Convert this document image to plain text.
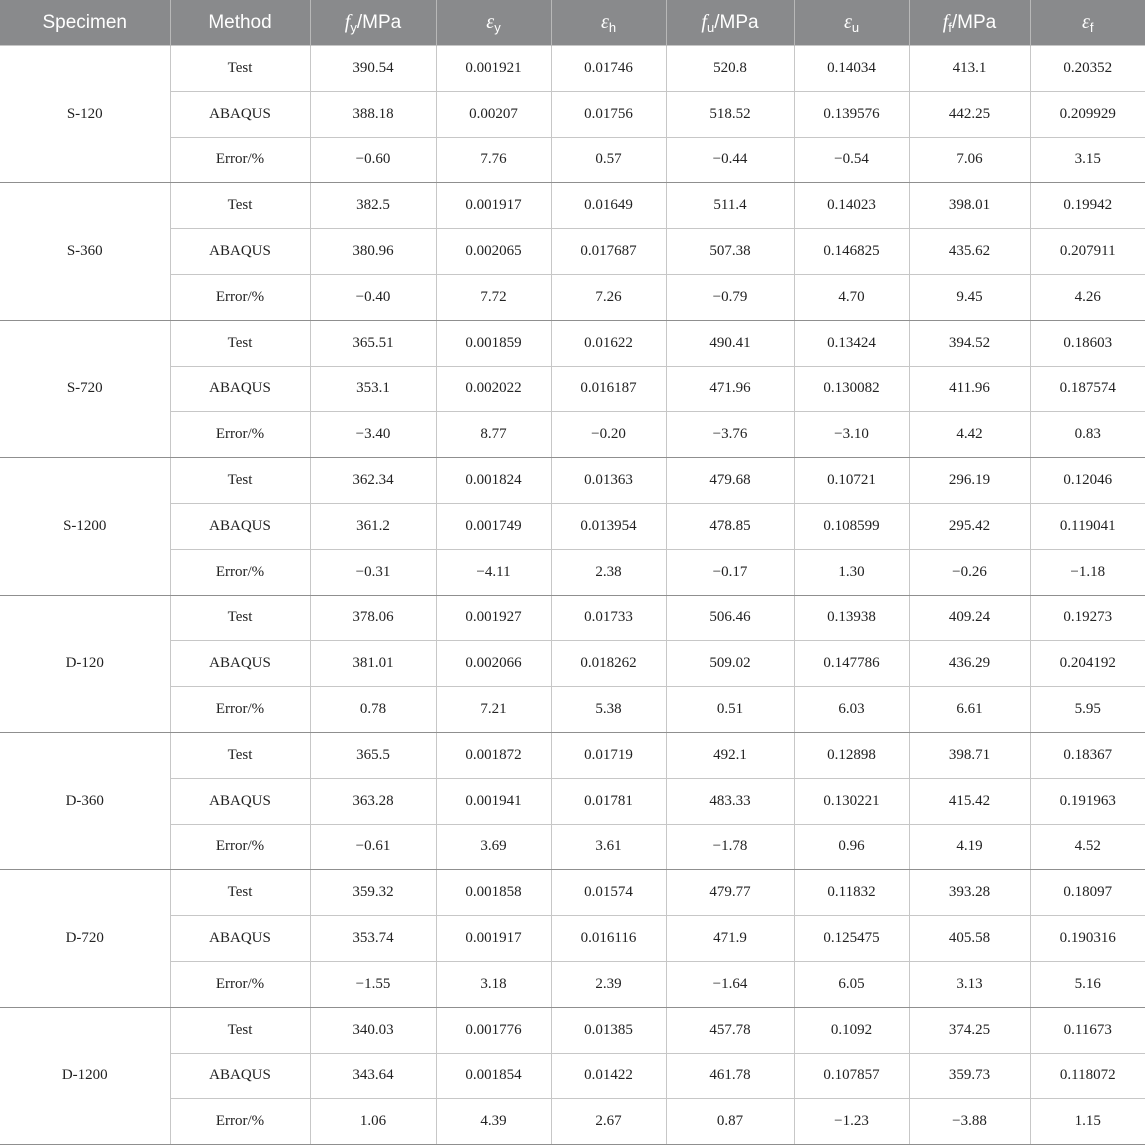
Specimen	Method	$f_y$/MPa	$\varepsilon_y$	$\varepsilon_h$	$f_u$/MPa	$\varepsilon_u$	$f_f$/MPa	$\varepsilon_f$
S-120	Test	390.54	0.001921	0.01746	520.8	0.14034	413.1	0.20352
	ABAQUS	388.18	0.00207	0.01756	518.52	0.139576	442.25	0.209929
	Error/%	−0.60	7.76	0.57	−0.44	−0.54	7.06	3.15
S-360	Test	382.5	0.001917	0.01649	511.4	0.14023	398.01	0.19942
	ABAQUS	380.96	0.002065	0.017687	507.38	0.146825	435.62	0.207911
	Error/%	−0.40	7.72	7.26	−0.79	4.70	9.45	4.26
S-720	Test	365.51	0.001859	0.01622	490.41	0.13424	394.52	0.18603
	ABAQUS	353.1	0.002022	0.016187	471.96	0.130082	411.96	0.187574
	Error/%	−3.40	8.77	−0.20	−3.76	−3.10	4.42	0.83
S-1200	Test	362.34	0.001824	0.01363	479.68	0.10721	296.19	0.12046
	ABAQUS	361.2	0.001749	0.013954	478.85	0.108599	295.42	0.119041
	Error/%	−0.31	−4.11	2.38	−0.17	1.30	−0.26	−1.18
D-120	Test	378.06	0.001927	0.01733	506.46	0.13938	409.24	0.19273
	ABAQUS	381.01	0.002066	0.018262	509.02	0.147786	436.29	0.204192
	Error/%	0.78	7.21	5.38	0.51	6.03	6.61	5.95
D-360	Test	365.5	0.001872	0.01719	492.1	0.12898	398.71	0.18367
	ABAQUS	363.28	0.001941	0.01781	483.33	0.130221	415.42	0.191963
	Error/%	−0.61	3.69	3.61	−1.78	0.96	4.19	4.52
D-720	Test	359.32	0.001858	0.01574	479.77	0.11832	393.28	0.18097
	ABAQUS	353.74	0.001917	0.016116	471.9	0.125475	405.58	0.190316
	Error/%	−1.55	3.18	2.39	−1.64	6.05	3.13	5.16
D-1200	Test	340.03	0.001776	0.01385	457.78	0.1092	374.25	0.11673
	ABAQUS	343.64	0.001854	0.01422	461.78	0.107857	359.73	0.118072
	Error/%	1.06	4.39	2.67	0.87	−1.23	−3.88	1.15
